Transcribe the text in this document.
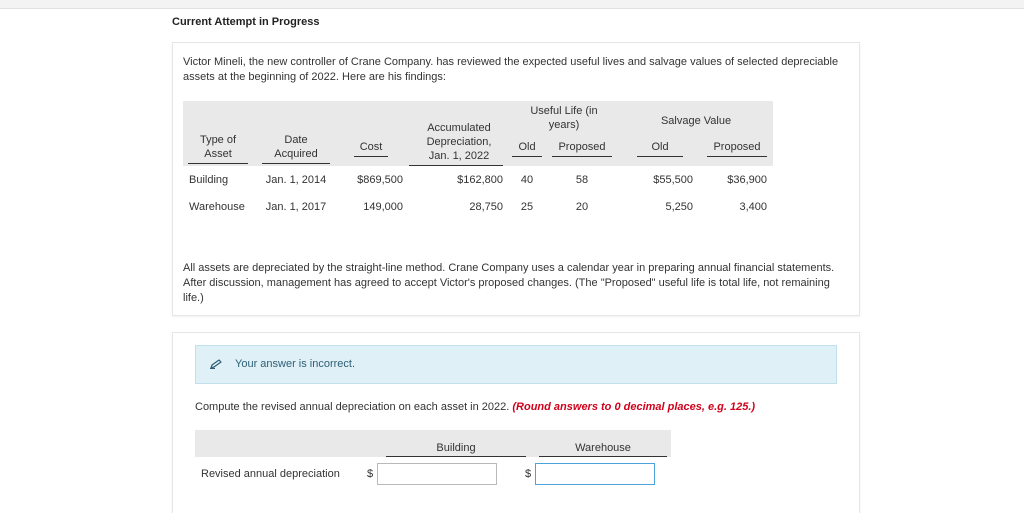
Current Attempt in Progress
Victor Mineli, the new controller of Crane Company. has reviewed the expected useful lives and salvage values of selected depreciable assets at the beginning of 2022. Here are his findings:
			Accumulated Depreciation, Jan. 1, 2022	Useful Life (in years)		Salvage Value	
Type of Asset	Date Acquired	Cost		Old	Proposed	Old	Proposed
Building	Jan. 1, 2014	$869,500	$162,800	40	58	$55,500	$36,900
Warehouse	Jan. 1, 2017	149,000	28,750	25	20	5,250	3,400
All assets are depreciated by the straight-line method. Crane Company uses a calendar year in preparing annual financial statements. After discussion, management has agreed to accept Victor's proposed changes. (The "Proposed" useful life is total life, not remaining life.)
Your answer is incorrect.
Compute the revised annual depreciation on each asset in 2022. (Round answers to 0 decimal places, e.g. 125.)

		Building		Warehouse

Revised annual depreciation	$		$	
